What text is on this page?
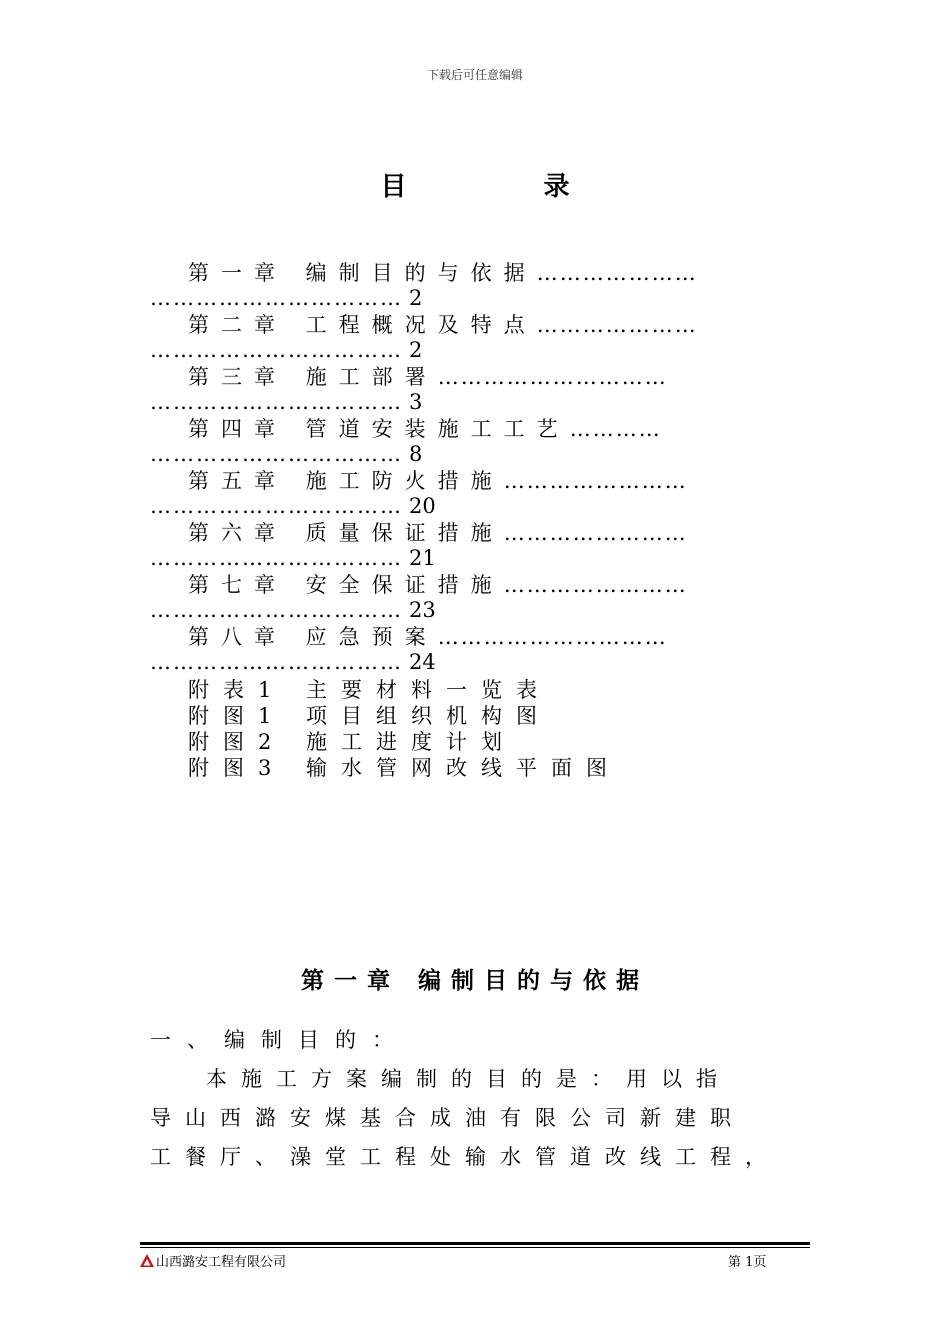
下载后可任意编辑
目 录
第一章 编制目的与依据…………………
…………………………… 2
第二章 工程概况及特点…………………
…………………………… 2
第三章 施工部署…………………………
…………………………… 3
第四章 管道安装施工工艺…………
…………………………… 8
第五章 施工防火措施……………………
…………………………… 20
第六章 质量保证措施……………………
…………………………… 21
第七章 安全保证措施……………………
…………………………… 23
第八章 应急预案…………………………
…………………………… 24
附表1 主要材料一览表
附图1 项目组织机构图
附图2 施工进度计划
附图3 输水管网改线平面图
第一章 编制目的与依据
一、编制目的：
本施工方案编制的目的是：用以指
导山西潞安煤基合成油有限公司新建职
工餐厅、澡堂工程处输水管道改线工程，
山西潞安工程有限公司	第 1页
